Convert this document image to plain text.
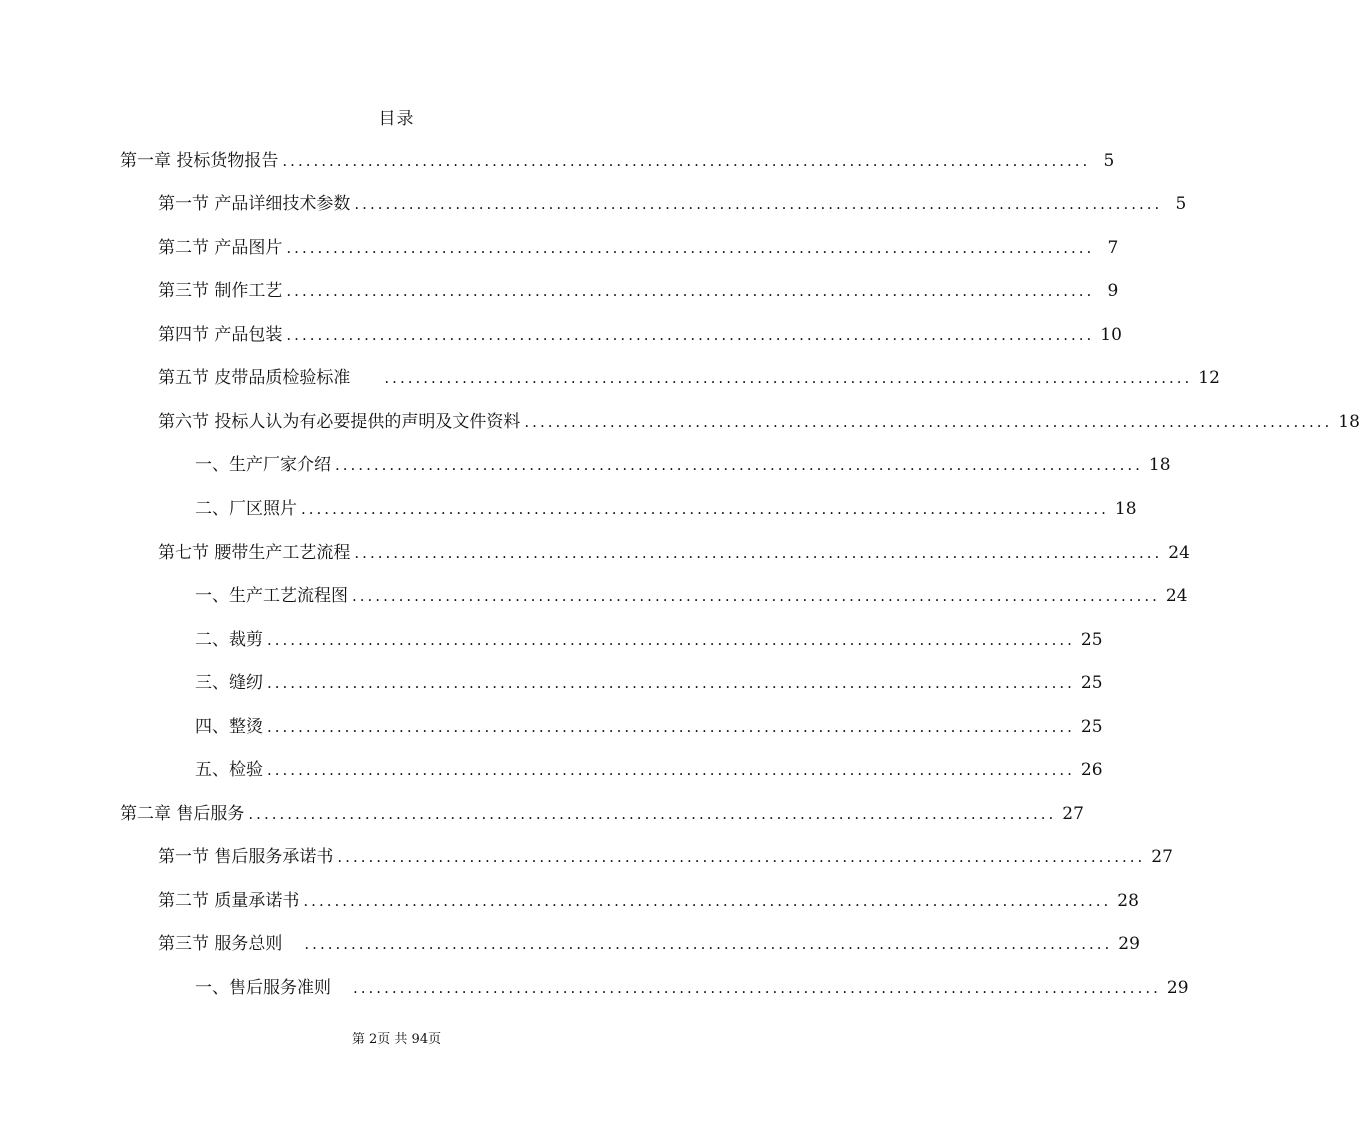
目录
第一章 投标货物报告 ........................................................................................................ 5
第一节 产品详细技术参数 ........................................................................................................ 5
第二节 产品图片 ........................................................................................................ 7
第三节 制作工艺 ........................................................................................................ 9
第四节 产品包装 ........................................................................................................ 10
第五节 皮带品质检验标准 ........................................................................................................ 12
第六节 投标人认为有必要提供的声明及文件资料 ........................................................................................................ 18
一、生产厂家介绍 ........................................................................................................ 18
二、厂区照片 ........................................................................................................ 18
第七节 腰带生产工艺流程 ........................................................................................................ 24
一、生产工艺流程图 ........................................................................................................ 24
二、裁剪 ........................................................................................................ 25
三、缝纫 ........................................................................................................ 25
四、整烫 ........................................................................................................ 25
五、检验 ........................................................................................................ 26
第二章 售后服务 ........................................................................................................ 27
第一节 售后服务承诺书 ........................................................................................................ 27
第二节 质量承诺书 ........................................................................................................ 28
第三节 服务总则 ........................................................................................................ 29
一、售后服务准则 ........................................................................................................ 29
第 2页 共 94页
